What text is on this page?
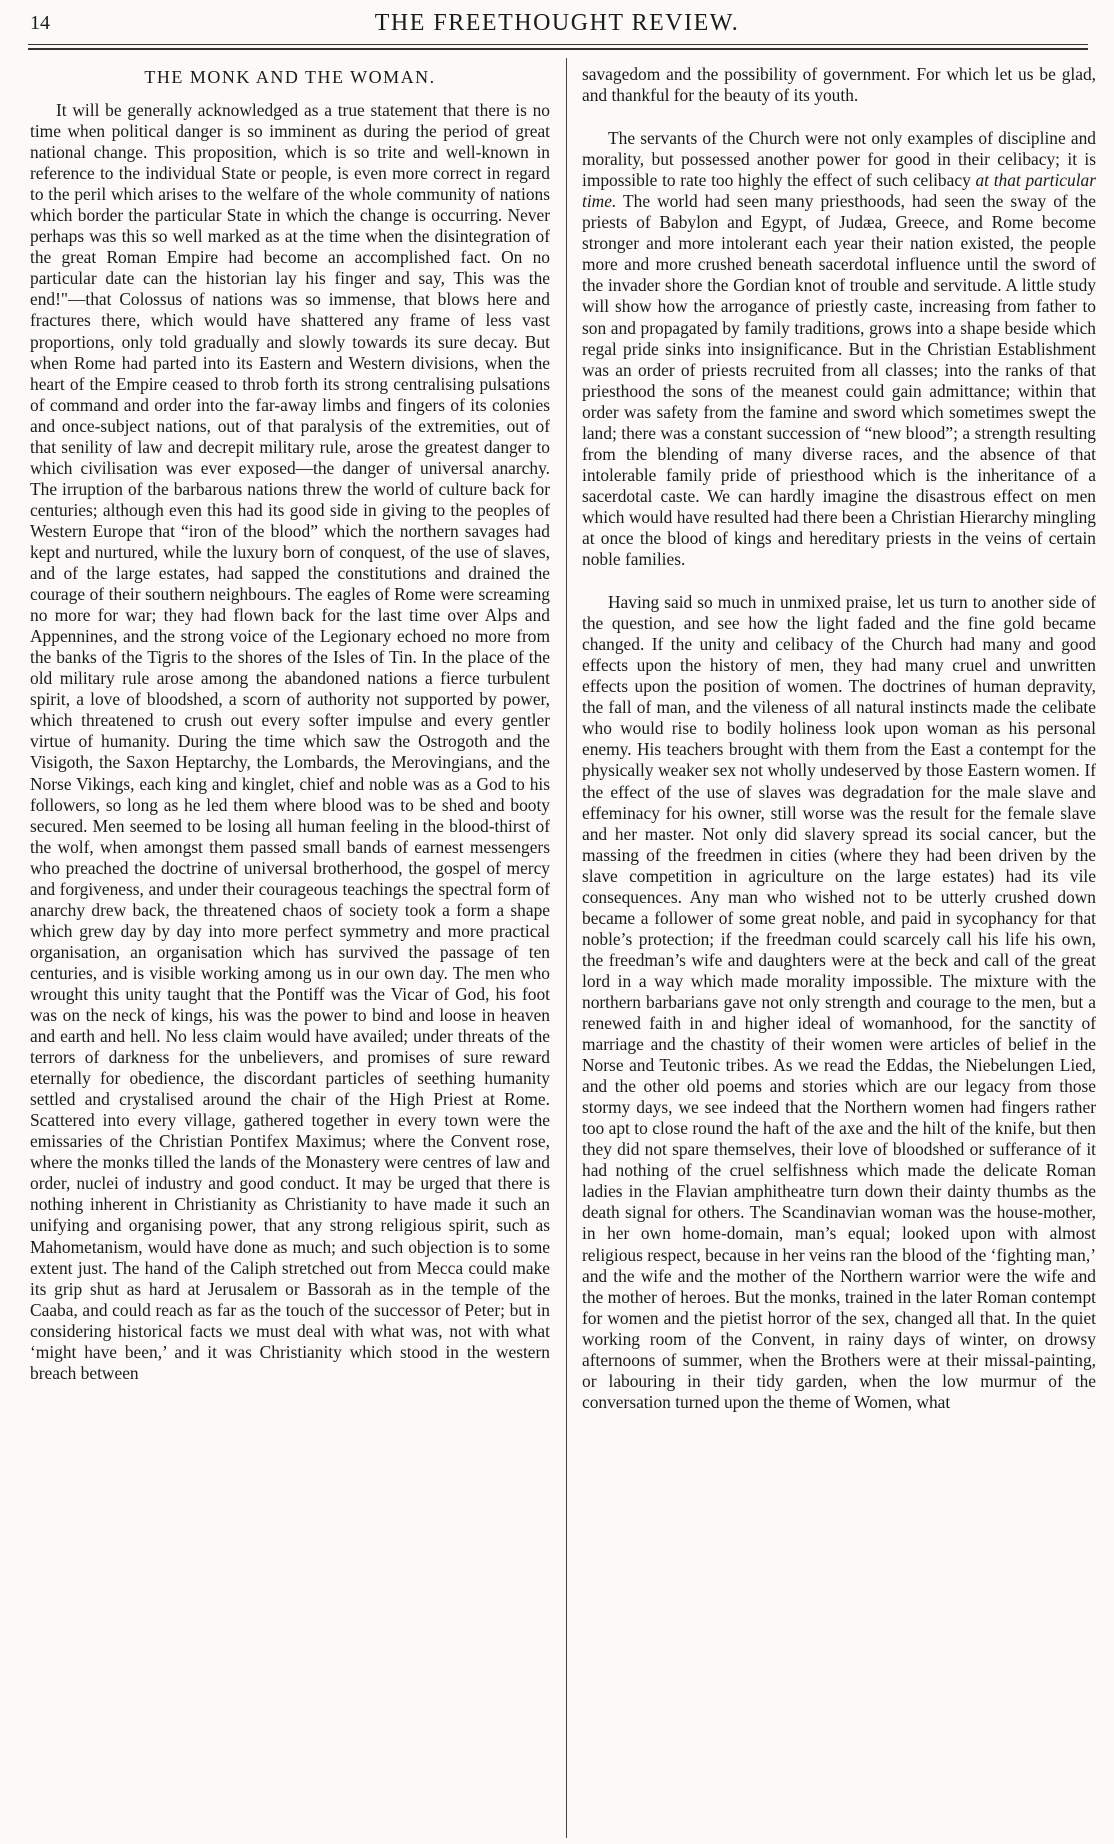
14	THE FREETHOUGHT REVIEW.
THE MONK AND THE WOMAN.

It will be generally acknowledged as a true statement that there is no time when political danger is so imminent as during the period of great national change. This proposition, which is so trite and well-known in reference to the individual State or people, is even more correct in regard to the peril which arises to the welfare of the whole community of nations which border the particular State in which the change is occurring. Never perhaps was this so well marked as at the time when the disintegration of the great Roman Empire had become an accomplished fact. On no particular date can the historian lay his finger and say, This was the end!"—that Colossus of nations was so immense, that blows here and fractures there, which would have shattered any frame of less vast proportions, only told gradually and slowly towards its sure decay. But when Rome had parted into its Eastern and Western divisions, when the heart of the Empire ceased to throb forth its strong centralising pulsations of command and order into the far-away limbs and fingers of its colonies and once-subject nations, out of that paralysis of the extremities, out of that senility of law and decrepit military rule, arose the greatest danger to which civilisation was ever exposed—the danger of universal anarchy. The irruption of the barbarous nations threw the world of culture back for centuries; although even this had its good side in giving to the peoples of Western Europe that “iron of the blood” which the northern savages had kept and nurtured, while the luxury born of conquest, of the use of slaves, and of the large estates, had sapped the constitutions and drained the courage of their southern neighbours. The eagles of Rome were screaming no more for war; they had flown back for the last time over Alps and Appennines, and the strong voice of the Legionary echoed no more from the banks of the Tigris to the shores of the Isles of Tin. In the place of the old military rule arose among the abandoned nations a fierce turbulent spirit, a love of bloodshed, a scorn of authority not supported by power, which threatened to crush out every softer impulse and every gentler virtue of humanity. During the time which saw the Ostrogoth and the Visigoth, the Saxon Heptarchy, the Lombards, the Merovingians, and the Norse Vikings, each king and kinglet, chief and noble was as a God to his followers, so long as he led them where blood was to be shed and booty secured. Men seemed to be losing all human feeling in the blood-thirst of the wolf, when amongst them passed small bands of earnest messengers who preached the doctrine of universal brotherhood, the gospel of mercy and forgiveness, and under their courageous teachings the spectral form of anarchy drew back, the threatened chaos of society took a form a shape which grew day by day into more perfect symmetry and more practical organisation, an organisation which has survived the passage of ten centuries, and is visible working among us in our own day. The men who wrought this unity taught that the Pontiff was the Vicar of God, his foot was on the neck of kings, his was the power to bind and loose in heaven and earth and hell. No less claim would have availed; under threats of the terrors of darkness for the unbelievers, and promises of sure reward eternally for obedience, the discordant particles of seething humanity settled and crystalised around the chair of the High Priest at Rome. Scattered into every village, gathered together in every town were the emissaries of the Christian Pontifex Maximus; where the Convent rose, where the monks tilled the lands of the Monastery were centres of law and order, nuclei of industry and good conduct. It may be urged that there is nothing inherent in Christianity as Christianity to have made it such an unifying and organising power, that any strong religious spirit, such as Mahometanism, would have done as much; and such objection is to some extent just. The hand of the Caliph stretched out from Mecca could make its grip shut as hard at Jerusalem or Bassorah as in the temple of the Caaba, and could reach as far as the touch of the successor of Peter; but in considering historical facts we must deal with what was, not with what ‘might have been,’ and it was Christianity which stood in the western breach between

savagedom and the possibility of government. For which let us be glad, and thankful for the beauty of its youth.

The servants of the Church were not only examples of discipline and morality, but possessed another power for good in their celibacy; it is impossible to rate too highly the effect of such celibacy at that particular time. The world had seen many priesthoods, had seen the sway of the priests of Babylon and Egypt, of Judæa, Greece, and Rome become stronger and more intolerant each year their nation existed, the people more and more crushed beneath sacerdotal influence until the sword of the invader shore the Gordian knot of trouble and servitude. A little study will show how the arrogance of priestly caste, increasing from father to son and propagated by family traditions, grows into a shape beside which regal pride sinks into insignificance. But in the Christian Establishment was an order of priests recruited from all classes; into the ranks of that priesthood the sons of the meanest could gain admittance; within that order was safety from the famine and sword which sometimes swept the land; there was a constant succession of “new blood”; a strength resulting from the blending of many diverse races, and the absence of that intolerable family pride of priesthood which is the inheritance of a sacerdotal caste. We can hardly imagine the disastrous effect on men which would have resulted had there been a Christian Hierarchy mingling at once the blood of kings and hereditary priests in the veins of certain noble families.

Having said so much in unmixed praise, let us turn to another side of the question, and see how the light faded and the fine gold became changed. If the unity and celibacy of the Church had many and good effects upon the history of men, they had many cruel and unwritten effects upon the position of women. The doctrines of human depravity, the fall of man, and the vileness of all natural instincts made the celibate who would rise to bodily holiness look upon woman as his personal enemy. His teachers brought with them from the East a contempt for the physically weaker sex not wholly undeserved by those Eastern women. If the effect of the use of slaves was degradation for the male slave and effeminacy for his owner, still worse was the result for the female slave and her master. Not only did slavery spread its social cancer, but the massing of the freedmen in cities (where they had been driven by the slave competition in agriculture on the large estates) had its vile consequences. Any man who wished not to be utterly crushed down became a follower of some great noble, and paid in sycophancy for that noble’s protection; if the freedman could scarcely call his life his own, the freedman’s wife and daughters were at the beck and call of the great lord in a way which made morality impossible. The mixture with the northern barbarians gave not only strength and courage to the men, but a renewed faith in and higher ideal of womanhood, for the sanctity of marriage and the chastity of their women were articles of belief in the Norse and Teutonic tribes. As we read the Eddas, the Niebelungen Lied, and the other old poems and stories which are our legacy from those stormy days, we see indeed that the Northern women had fingers rather too apt to close round the haft of the axe and the hilt of the knife, but then they did not spare themselves, their love of bloodshed or sufferance of it had nothing of the cruel selfishness which made the delicate Roman ladies in the Flavian amphitheatre turn down their dainty thumbs as the death signal for others. The Scandinavian woman was the house-mother, in her own home-domain, man’s equal; looked upon with almost religious respect, because in her veins ran the blood of the ‘fighting man,’ and the wife and the mother of the Northern warrior were the wife and the mother of heroes. But the monks, trained in the later Roman contempt for women and the pietist horror of the sex, changed all that. In the quiet working room of the Convent, in rainy days of winter, on drowsy afternoons of summer, when the Brothers were at their missal-painting, or labouring in their tidy garden, when the low murmur of the conversation turned upon the theme of Women, what
